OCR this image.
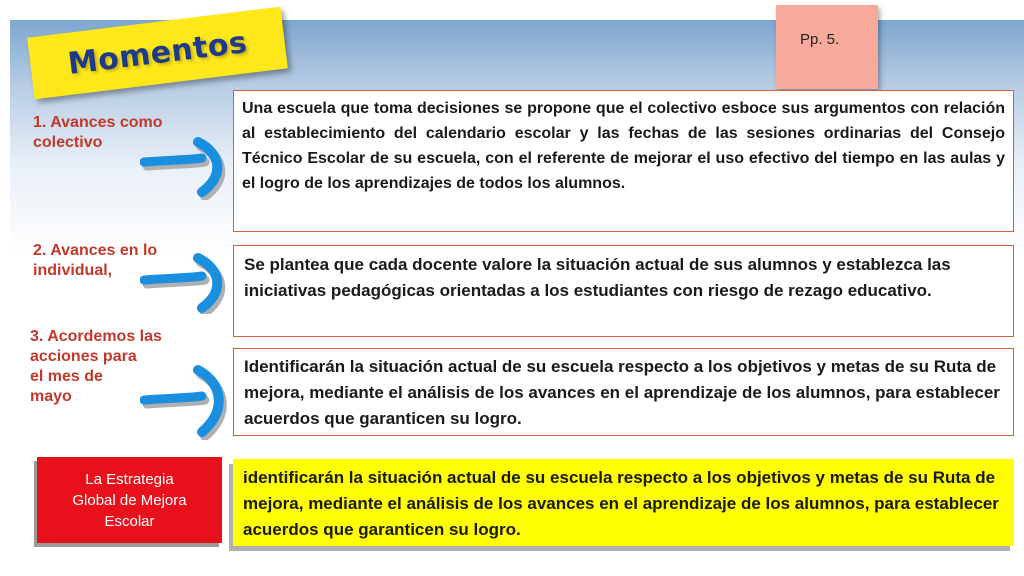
Momentos	Pp. 5.
1. Avances como
colectivo
Una escuela que toma decisiones se propone que el colectivo esboce sus argumentos con relación al establecimiento del calendario escolar y las fechas de las sesiones ordinarias del Consejo Técnico Escolar de su escuela, con el referente de mejorar el uso efectivo del tiempo en las aulas y el logro de los aprendizajes de todos los alumnos.
2. Avances en lo
individual,	Se plantea que cada docente valore la situación actual de sus alumnos y establezca las iniciativas pedagógicas orientadas a los estudiantes con riesgo de rezago educativo.
3. Acordemos las
acciones para
el mes de
mayo
Identificarán la situación actual de su escuela respecto a los objetivos y metas de su Ruta de mejora, mediante el análisis de los avances en el aprendizaje de los alumnos, para establecer acuerdos que garanticen su logro.
La Estrategia
Global de Mejora
Escolar
identificarán la situación actual de su escuela respecto a los objetivos y metas de su Ruta de mejora, mediante el análisis de los avances en el aprendizaje de los alumnos, para establecer acuerdos que garanticen su logro.
